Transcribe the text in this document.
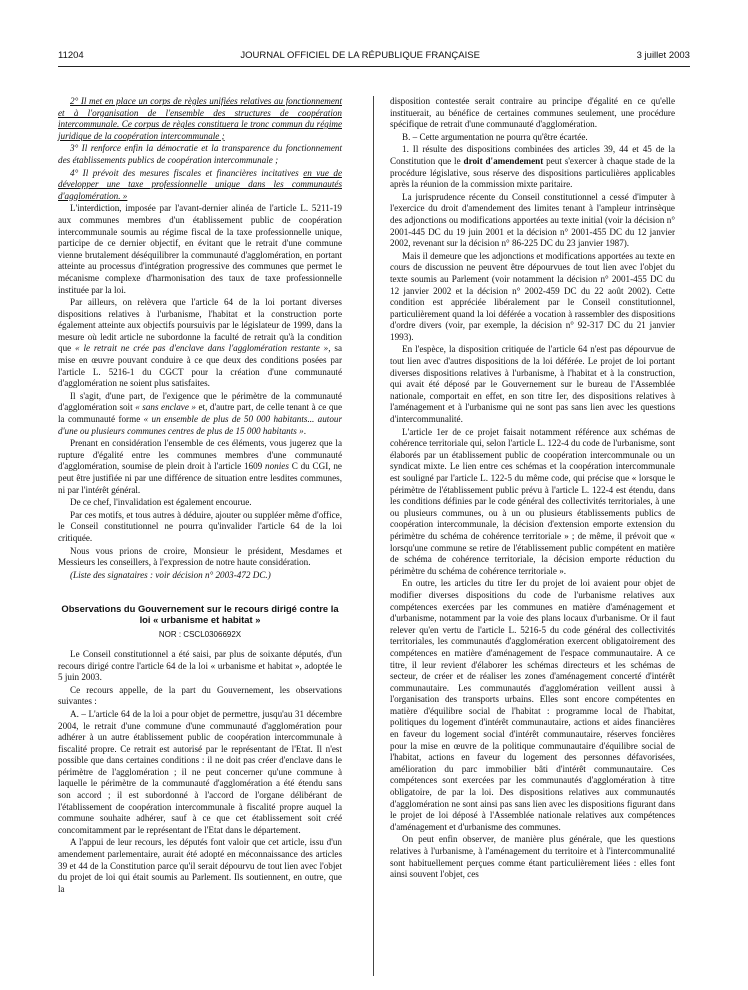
11204	JOURNAL OFFICIEL DE LA RÉPUBLIQUE FRANÇAISE	3 juillet 2003

2° Il met en place un corps de règles unifiées relatives au fonctionnement et à l'organisation de l'ensemble des structures de coopération intercommunale. Ce corpus de règles constituera le tronc commun du régime juridique de la coopération intercommunale ;

3° Il renforce enfin la démocratie et la transparence du fonctionnement des établissements publics de coopération intercommunale ;

4° Il prévoit des mesures fiscales et financières incitatives en vue de développer une taxe professionnelle unique dans les communautés d'agglomération. »

L'interdiction, imposée par l'avant-dernier alinéa de l'article L. 5211-19 aux communes membres d'un établissement public de coopération intercommunale soumis au régime fiscal de la taxe professionnelle unique, participe de ce dernier objectif, en évitant que le retrait d'une commune vienne brutalement déséquilibrer la communauté d'agglomération, en portant atteinte au processus d'intégration progressive des communes que permet le mécanisme complexe d'harmonisation des taux de taxe professionnelle instituée par la loi.

Par ailleurs, on relèvera que l'article 64 de la loi portant diverses dispositions relatives à l'urbanisme, l'habitat et la construction porte également atteinte aux objectifs poursuivis par le législateur de 1999, dans la mesure où ledit article ne subordonne la faculté de retrait qu'à la condition que « le retrait ne crée pas d'enclave dans l'agglomération restante », sa mise en œuvre pouvant conduire à ce que deux des conditions posées par l'article L. 5216-1 du CGCT pour la création d'une communauté d'agglomération ne soient plus satisfaites.

Il s'agit, d'une part, de l'exigence que le périmètre de la communauté d'agglomération soit « sans enclave » et, d'autre part, de celle tenant à ce que la communauté forme « un ensemble de plus de 50 000 habitants... autour d'une ou plusieurs communes centres de plus de 15 000 habitants ».

Prenant en considération l'ensemble de ces éléments, vous jugerez que la rupture d'égalité entre les communes membres d'une communauté d'agglomération, soumise de plein droit à l'article 1609 nonies C du CGI, ne peut être justifiée ni par une différence de situation entre lesdites communes, ni par l'intérêt général.

De ce chef, l'invalidation est également encourue.

Par ces motifs, et tous autres à déduire, ajouter ou suppléer même d'office, le Conseil constitutionnel ne pourra qu'invalider l'article 64 de la loi critiquée.

Nous vous prions de croire, Monsieur le président, Mesdames et Messieurs les conseillers, à l'expression de notre haute considération.

(Liste des signataires : voir décision n° 2003-472 DC.)

Observations du Gouvernement sur le recours dirigé contre la loi « urbanisme et habitat »
NOR : CSCL0306692X

Le Conseil constitutionnel a été saisi, par plus de soixante députés, d'un recours dirigé contre l'article 64 de la loi « urbanisme et habitat », adoptée le 5 juin 2003.

Ce recours appelle, de la part du Gouvernement, les observations suivantes :

A. – L'article 64 de la loi a pour objet de permettre, jusqu'au 31 décembre 2004, le retrait d'une commune d'une communauté d'agglomération pour adhérer à un autre établissement public de coopération intercommunale à fiscalité propre. Ce retrait est autorisé par le représentant de l'Etat. Il n'est possible que dans certaines conditions : il ne doit pas créer d'enclave dans le périmètre de l'agglomération ; il ne peut concerner qu'une commune à laquelle le périmètre de la communauté d'agglomération a été étendu sans son accord ; il est subordonné à l'accord de l'organe délibérant de l'établissement de coopération intercommunale à fiscalité propre auquel la commune souhaite adhérer, sauf à ce que cet établissement soit créé concomitamment par le représentant de l'Etat dans le département.

A l'appui de leur recours, les députés font valoir que cet article, issu d'un amendement parlementaire, aurait été adopté en méconnaissance des articles 39 et 44 de la Constitution parce qu'il serait dépourvu de tout lien avec l'objet du projet de loi qui était soumis au Parlement. Ils soutiennent, en outre, que la

disposition contestée serait contraire au principe d'égalité en ce qu'elle instituerait, au bénéfice de certaines communes seulement, une procédure spécifique de retrait d'une communauté d'agglomération.

B. – Cette argumentation ne pourra qu'être écartée.

1. Il résulte des dispositions combinées des articles 39, 44 et 45 de la Constitution que le droit d'amendement peut s'exercer à chaque stade de la procédure législative, sous réserve des dispositions particulières applicables après la réunion de la commission mixte paritaire.

La jurisprudence récente du Conseil constitutionnel a cessé d'imputer à l'exercice du droit d'amendement des limites tenant à l'ampleur intrinsèque des adjonctions ou modifications apportées au texte initial (voir la décision n° 2001-445 DC du 19 juin 2001 et la décision n° 2001-455 DC du 12 janvier 2002, revenant sur la décision n° 86-225 DC du 23 janvier 1987).

Mais il demeure que les adjonctions et modifications apportées au texte en cours de discussion ne peuvent être dépourvues de tout lien avec l'objet du texte soumis au Parlement (voir notamment la décision n° 2001-455 DC du 12 janvier 2002 et la décision n° 2002-459 DC du 22 août 2002). Cette condition est appréciée libéralement par le Conseil constitutionnel, particulièrement quand la loi déférée a vocation à rassembler des dispositions d'ordre divers (voir, par exemple, la décision n° 92-317 DC du 21 janvier 1993).

En l'espèce, la disposition critiquée de l'article 64 n'est pas dépourvue de tout lien avec d'autres dispositions de la loi déférée. Le projet de loi portant diverses dispositions relatives à l'urbanisme, à l'habitat et à la construction, qui avait été déposé par le Gouvernement sur le bureau de l'Assemblée nationale, comportait en effet, en son titre Ier, des dispositions relatives à l'aménagement et à l'urbanisme qui ne sont pas sans lien avec les questions d'intercommunalité.

L'article 1er de ce projet faisait notamment référence aux schémas de cohérence territoriale qui, selon l'article L. 122-4 du code de l'urbanisme, sont élaborés par un établissement public de coopération intercommunale ou un syndicat mixte. Le lien entre ces schémas et la coopération intercommunale est souligné par l'article L. 122-5 du même code, qui précise que « lorsque le périmètre de l'établissement public prévu à l'article L. 122-4 est étendu, dans les conditions définies par le code général des collectivités territoriales, à une ou plusieurs communes, ou à un ou plusieurs établissements publics de coopération intercommunale, la décision d'extension emporte extension du périmètre du schéma de cohérence territoriale » ; de même, il prévoit que « lorsqu'une commune se retire de l'établissement public compétent en matière de schéma de cohérence territoriale, la décision emporte réduction du périmètre du schéma de cohérence territoriale ».

En outre, les articles du titre Ier du projet de loi avaient pour objet de modifier diverses dispositions du code de l'urbanisme relatives aux compétences exercées par les communes en matière d'aménagement et d'urbanisme, notamment par la voie des plans locaux d'urbanisme. Or il faut relever qu'en vertu de l'article L. 5216-5 du code général des collectivités territoriales, les communautés d'agglomération exercent obligatoirement des compétences en matière d'aménagement de l'espace communautaire. A ce titre, il leur revient d'élaborer les schémas directeurs et les schémas de secteur, de créer et de réaliser les zones d'aménagement concerté d'intérêt communautaire. Les communautés d'agglomération veillent aussi à l'organisation des transports urbains. Elles sont encore compétentes en matière d'équilibre social de l'habitat : programme local de l'habitat, politiques du logement d'intérêt communautaire, actions et aides financières en faveur du logement social d'intérêt communautaire, réserves foncières pour la mise en œuvre de la politique communautaire d'équilibre social de l'habitat, actions en faveur du logement des personnes défavorisées, amélioration du parc immobilier bâti d'intérêt communautaire. Ces compétences sont exercées par les communautés d'agglomération à titre obligatoire, de par la loi. Des dispositions relatives aux communautés d'agglomération ne sont ainsi pas sans lien avec les dispositions figurant dans le projet de loi déposé à l'Assemblée nationale relatives aux compétences d'aménagement et d'urbanisme des communes.

On peut enfin observer, de manière plus générale, que les questions relatives à l'urbanisme, à l'aménagement du territoire et à l'intercommunalité sont habituellement perçues comme étant particulièrement liées : elles font ainsi souvent l'objet, ces
